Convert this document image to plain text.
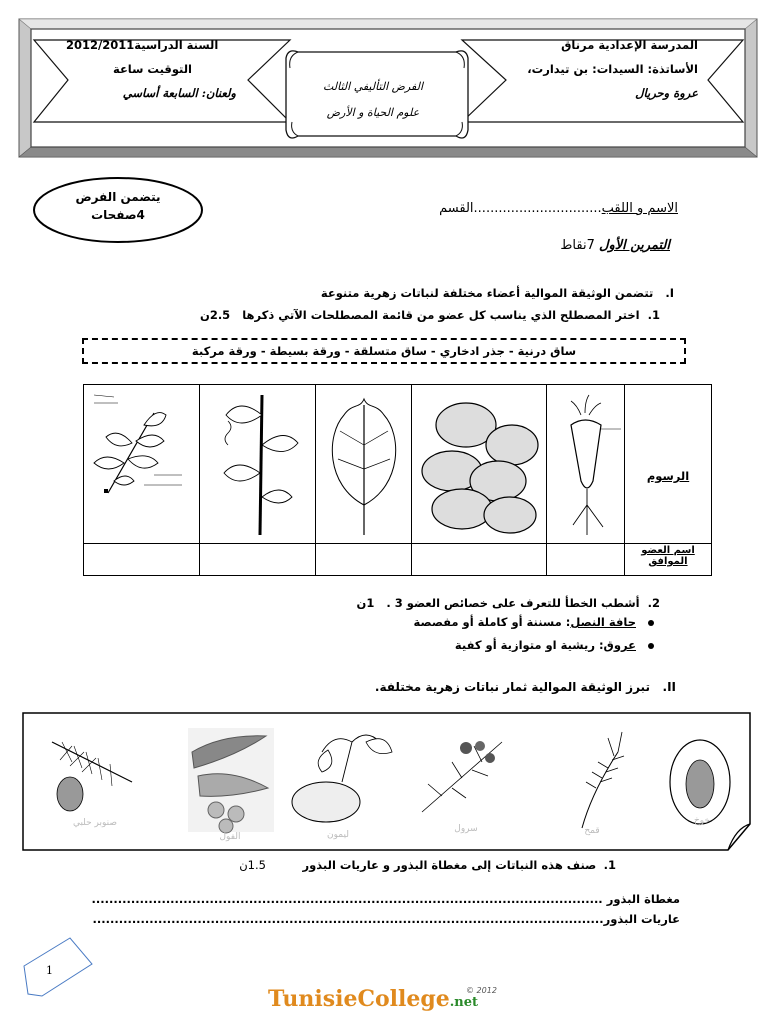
المدرسة الإعدادية مرناق
الأساتذة: السيدات: بن تيدارت،
عروة وحريال
2012/2011السنة الدراسية
التوقيت ساعة
ولعنان: السابعة أساسي	الفرض التأليفي الثالث
علوم الحياة و الأرض
يتضمن الفرض
4صفحات	الاسم و اللقب...............................القسم
التمرين الأول 7نقاط
I.   تتضمن الوثيقة الموالية أعضاء مختلفة لنباتات زهرية متنوعة
1.  اختر المصطلح الذي يناسب كل عضو من قائمة المصطلحات الآتي ذكرها   2.5ن
ساق درنية - جذر ادخاري - ساق متسلقة - ورقة بسيطة - ورقة مركبة
الرسوم
اسم العضو
الموافق
2.  أشطب الخطأ للتعرف على خصائص العضو 3 .   1ن
حافة النصل: مسننة أو كاملة أو مفصصة
عروق: ريشية او متوازية أو كفية
II.   تبرز الوثيقة الموالية ثمار نباتات زهرية مختلفة.
صنوبر حلبي
الفول	ليمون
سرول	قمح
خوخ
1.  صنف هذه النباتات إلى مغطاة البذور و عاريات البذور          1.5ن
مغطاة البذور .....................................................................................................................
عاريات البذور.....................................................................................................................
1
TunisieCollege.net
© 2012
